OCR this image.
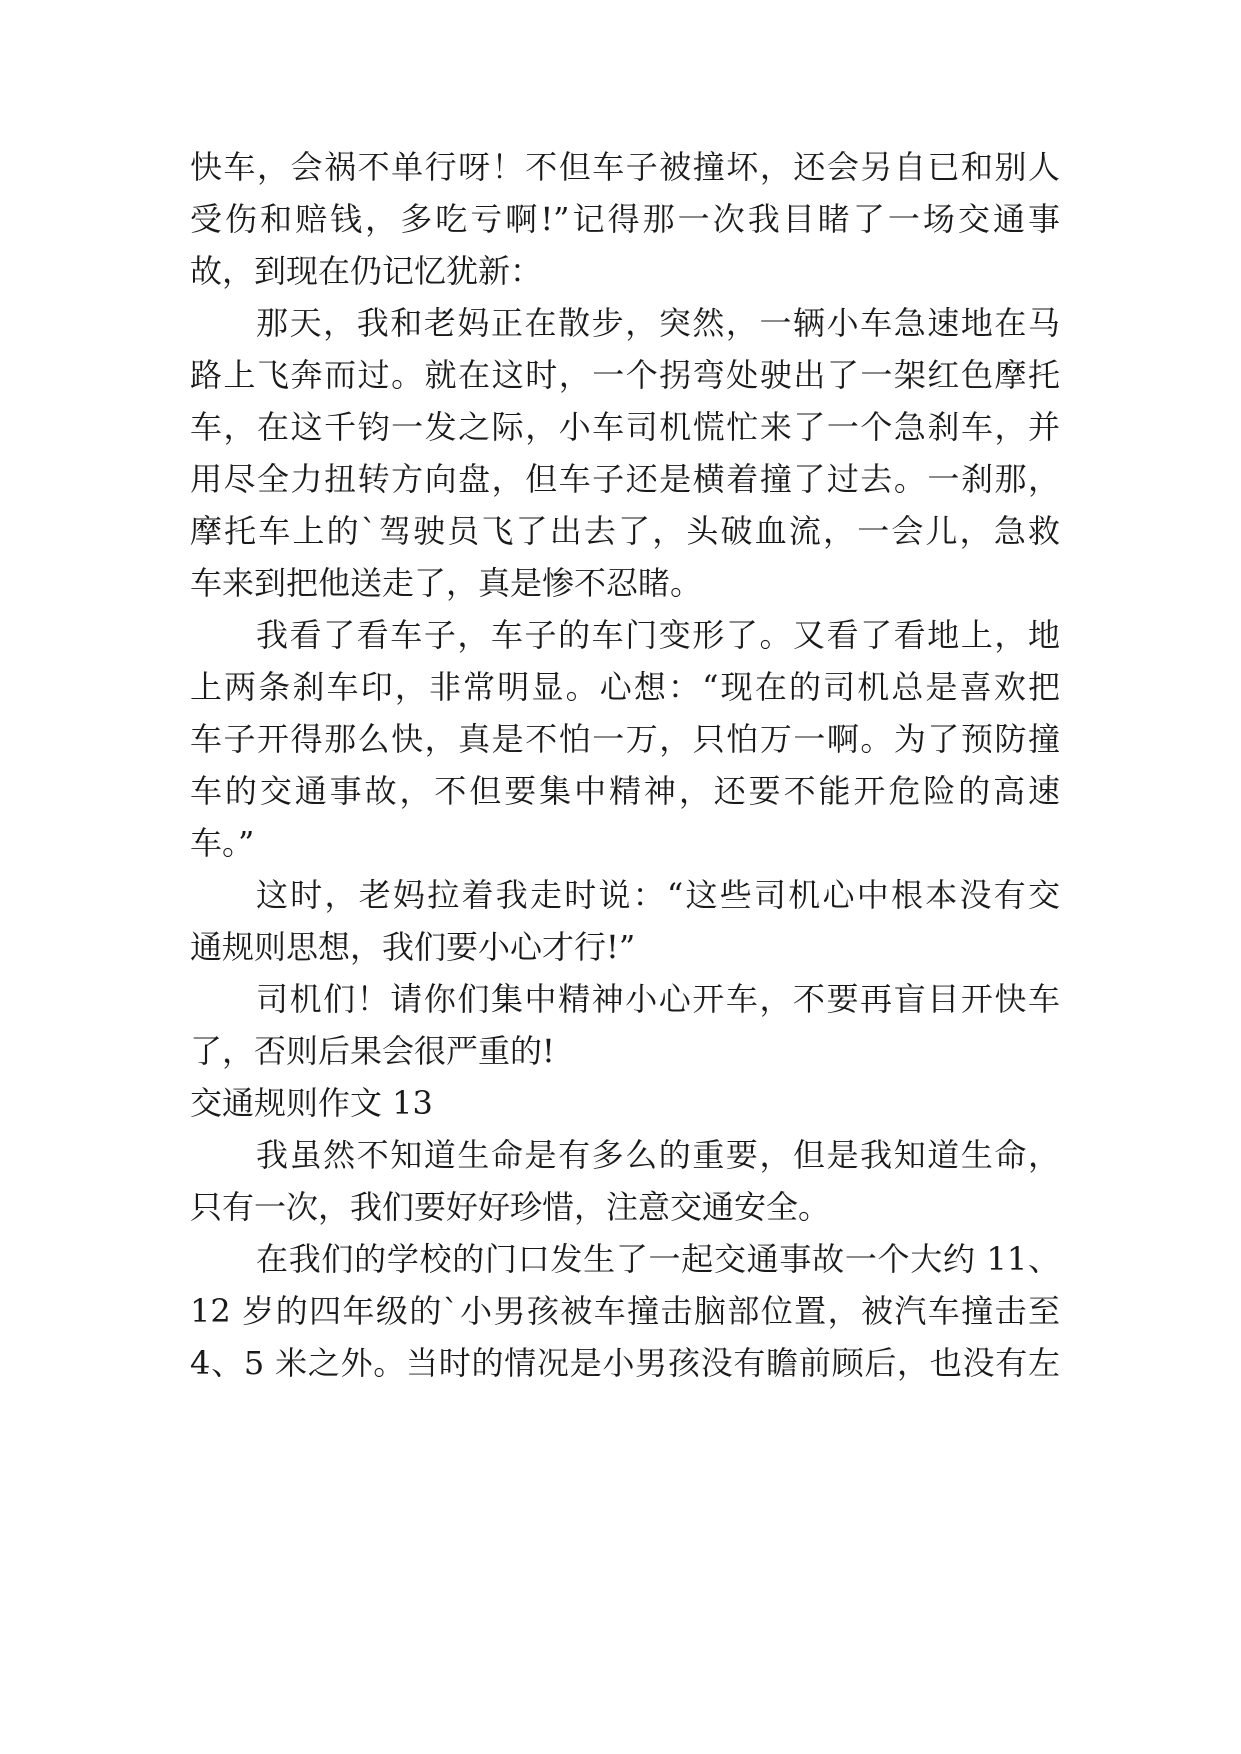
快车，会祸不单行呀！不但车子被撞坏，还会另自已和别人
受伤和赔钱，多吃亏啊!”记得那一次我目睹了一场交通事
故，到现在仍记忆犹新：
那天，我和老妈正在散步，突然，一辆小车急速地在马
路上飞奔而过。就在这时，一个拐弯处驶出了一架红色摩托
车，在这千钧一发之际，小车司机慌忙来了一个急刹车，并
用尽全力扭转方向盘，但车子还是横着撞了过去。一刹那，
摩托车上的`驾驶员飞了出去了，头破血流，一会儿，急救
车来到把他送走了，真是惨不忍睹。
我看了看车子，车子的车门变形了。又看了看地上，地
上两条刹车印，非常明显。心想：“现在的司机总是喜欢把
车子开得那么快，真是不怕一万，只怕万一啊。为了预防撞
车的交通事故，不但要集中精神，还要不能开危险的高速
车。”
这时，老妈拉着我走时说：“这些司机心中根本没有交
通规则思想，我们要小心才行!”
司机们！请你们集中精神小心开车，不要再盲目开快车
了，否则后果会很严重的!
交通规则作文 13
我虽然不知道生命是有多么的重要，但是我知道生命，
只有一次，我们要好好珍惜，注意交通安全。
在我们的学校的门口发生了一起交通事故一个大约 11、
12 岁的四年级的`小男孩被车撞击脑部位置，被汽车撞击至
4、5 米之外。当时的情况是小男孩没有瞻前顾后，也没有左
